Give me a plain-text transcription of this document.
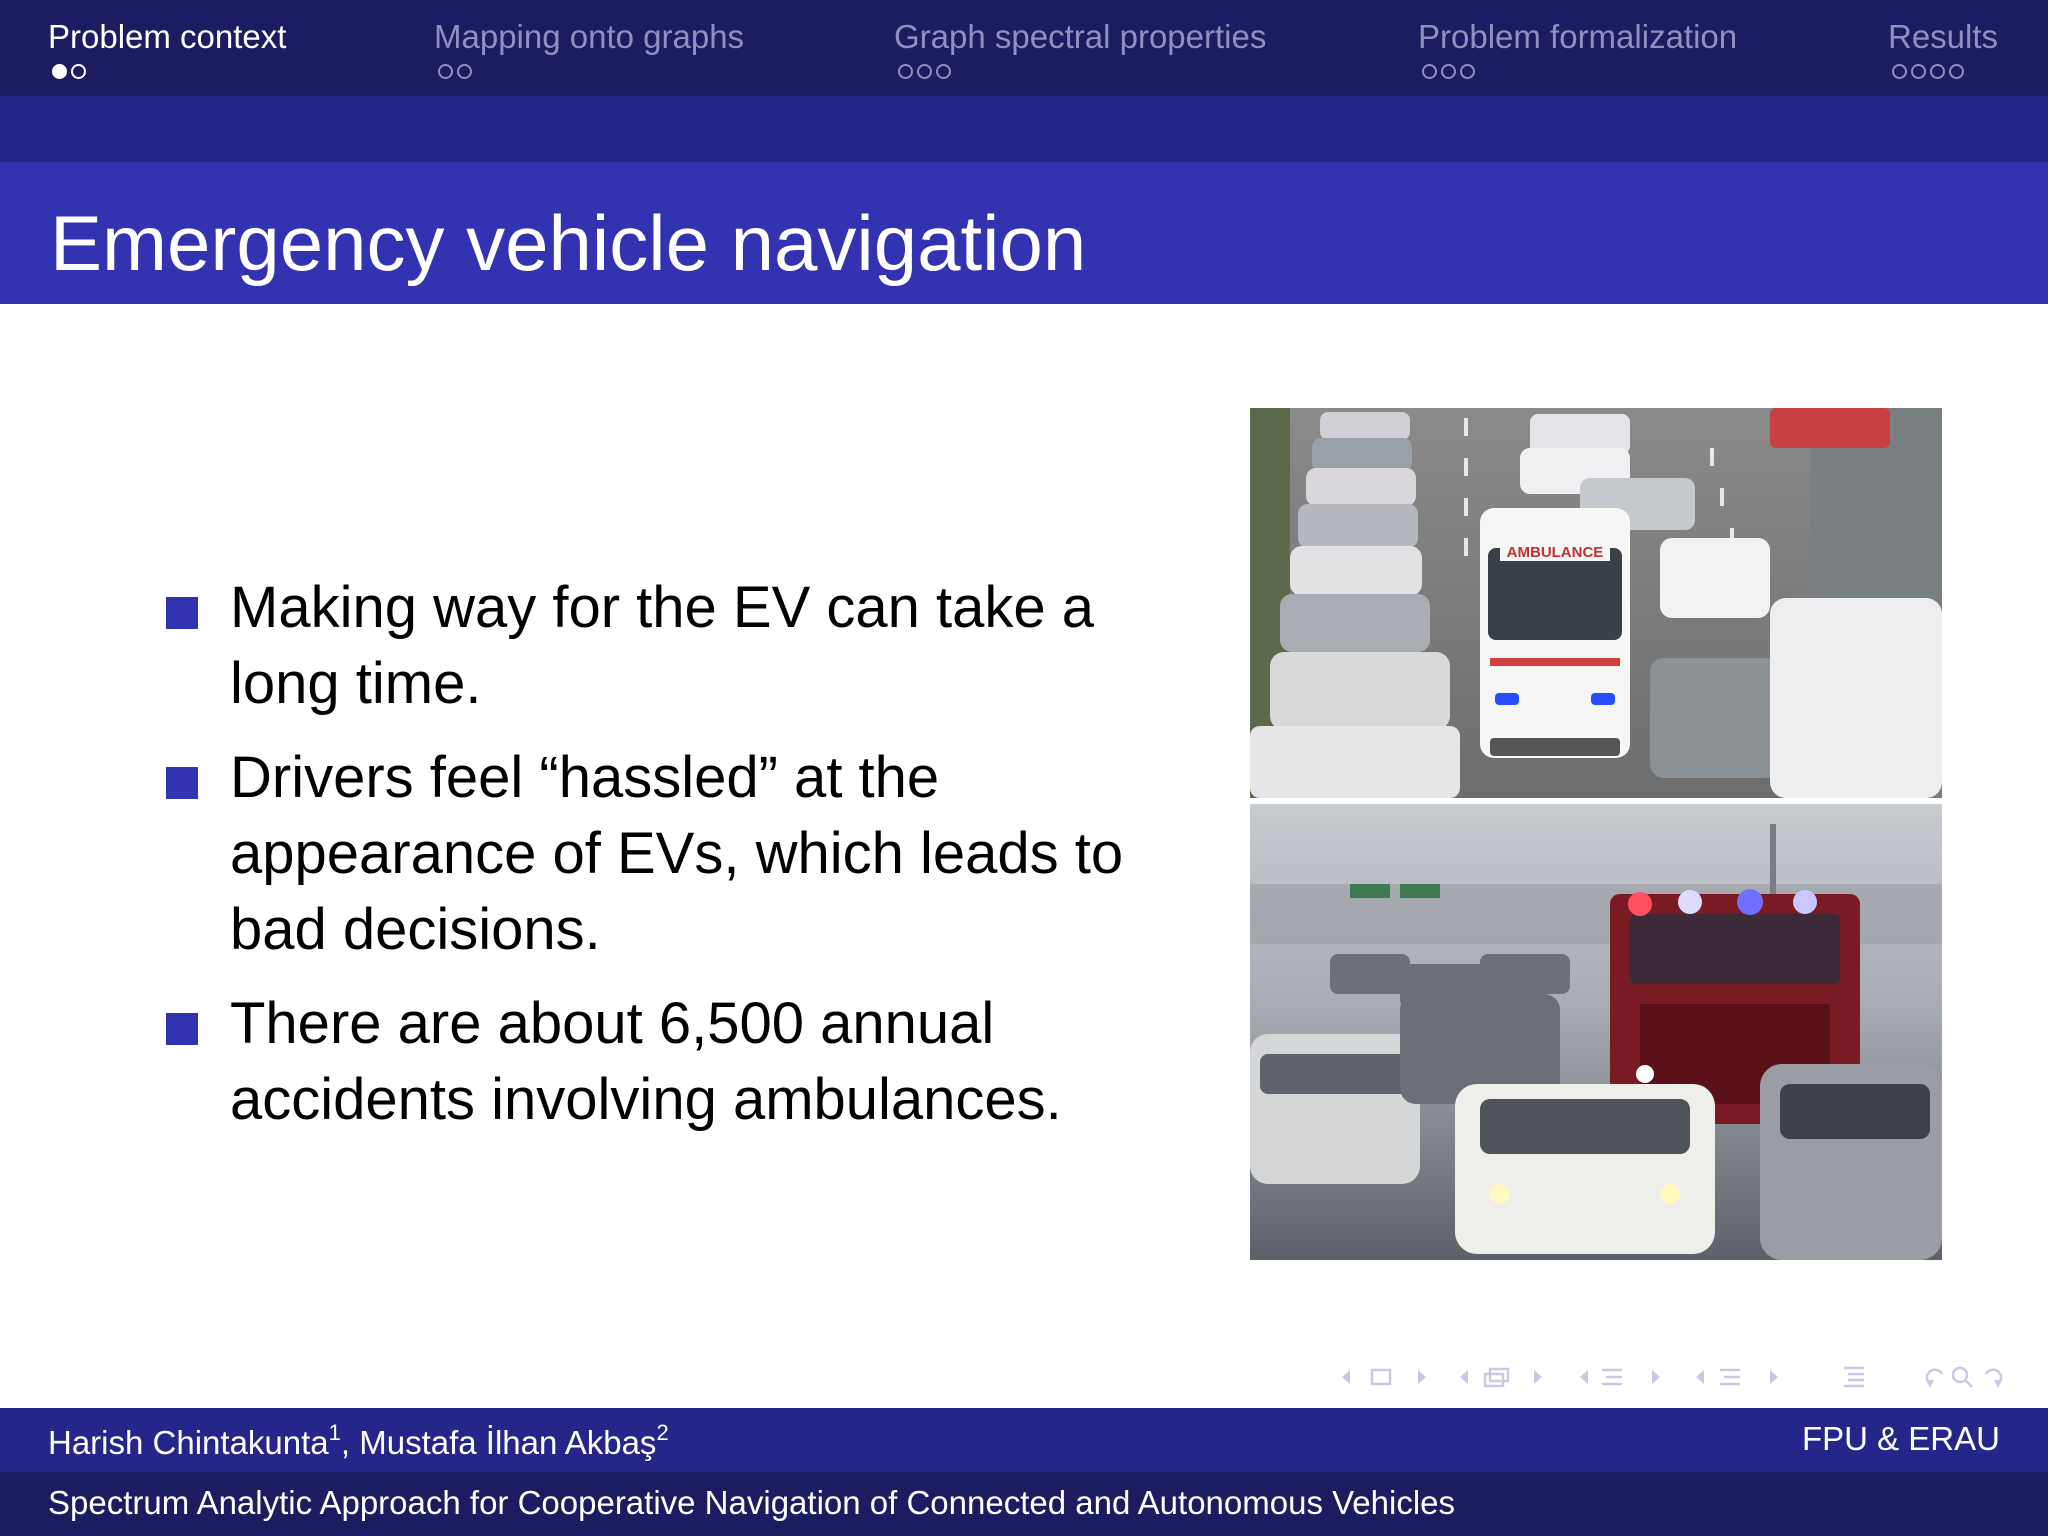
Problem context	Mapping onto graphs	Graph spectral properties	Problem formalization	Results
Emergency vehicle navigation
Making way for the EV can take a long time.
Drivers feel “hassled” at the appearance of EVs, which leads to bad decisions.
There are about 6,500 annual accidents involving ambulances.
AMBULANCE
Harish Chintakunta$^1$, Mustafa İlhan Akbaş$^2$	FPU & ERAU
Spectrum Analytic Approach for Cooperative Navigation of Connected and Autonomous Vehicles
